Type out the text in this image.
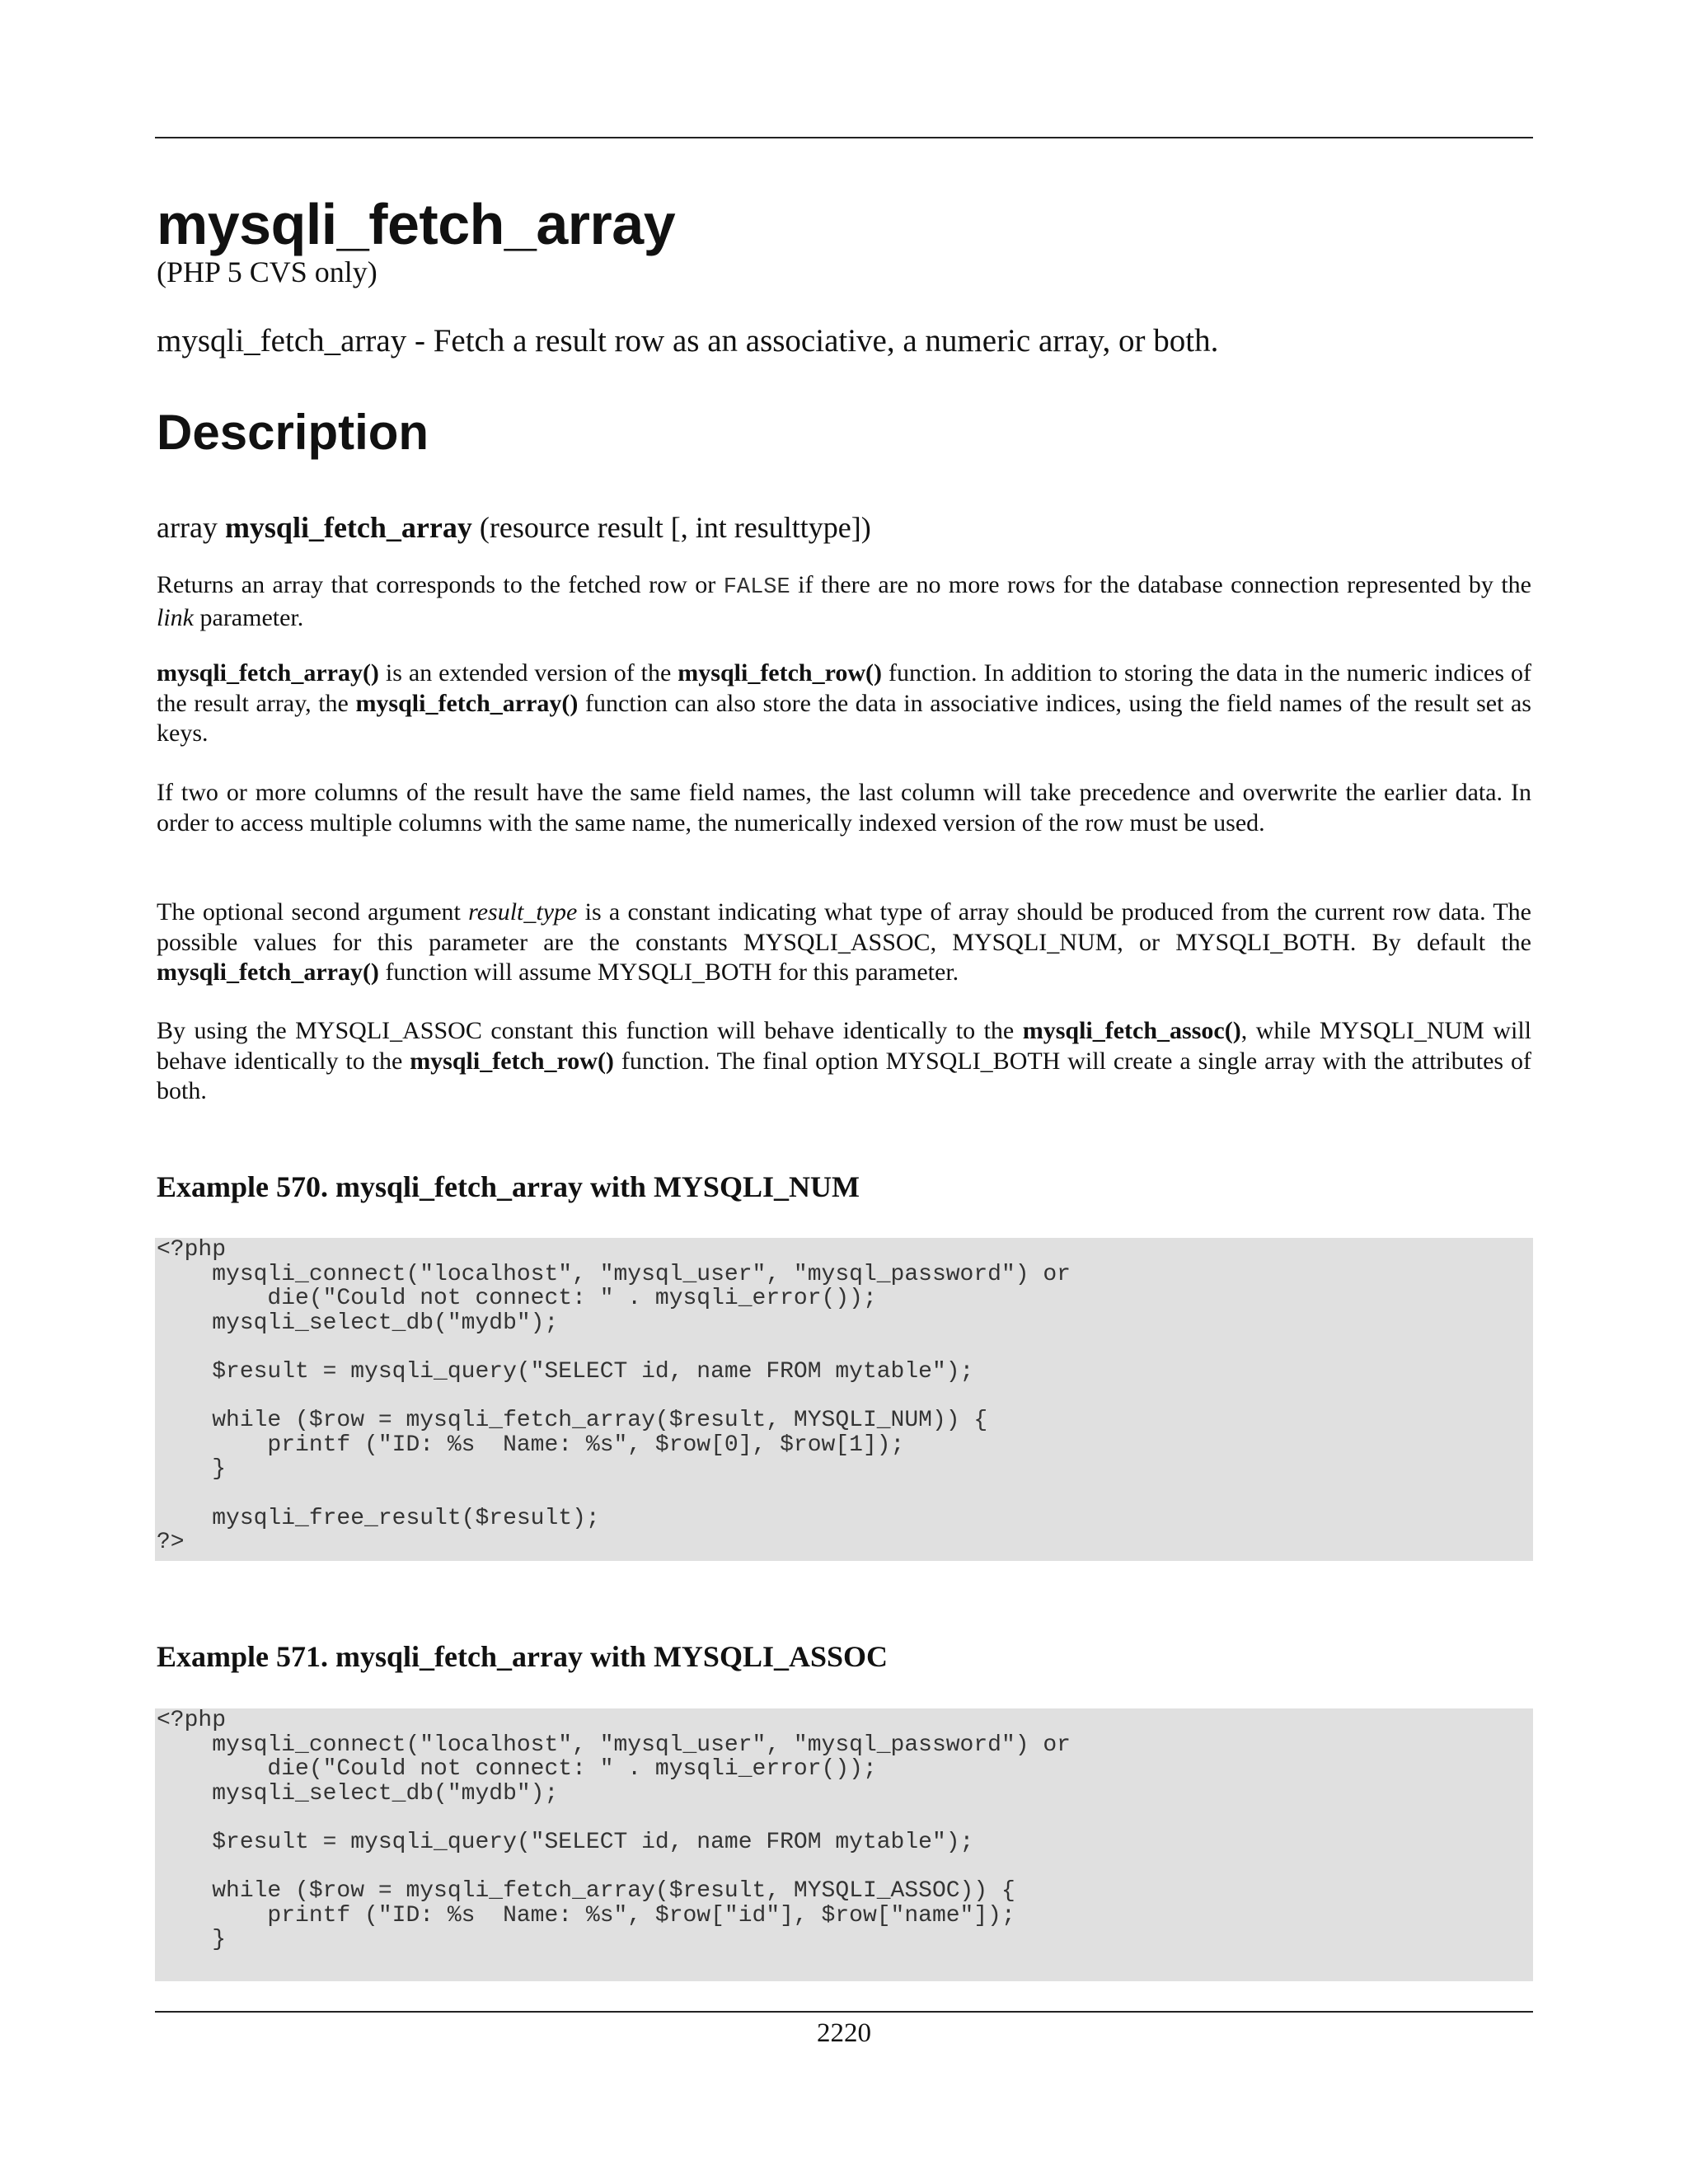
mysqli_fetch_array
(PHP 5 CVS only)
mysqli_fetch_array - Fetch a result row as an associative, a numeric array, or both.
Description
array mysqli_fetch_array (resource result [, int resulttype])

Returns an array that corresponds to the fetched row or FALSE if there are no more rows for the database connection represented by the link parameter.

mysqli_fetch_array() is an extended version of the mysqli_fetch_row() function. In addition to storing the data in the numeric indices of the result array, the mysqli_fetch_array() function can also store the data in associative indices, using the field names of the result set as keys.

If two or more columns of the result have the same field names, the last column will take precedence and overwrite the earlier data. In order to access multiple columns with the same name, the numerically indexed version of the row must be used.

The optional second argument result_type is a constant indicating what type of array should be produced from the current row data. The possible values for this parameter are the constants MYSQLI_ASSOC, MYSQLI_NUM, or MYSQLI_BOTH. By default the mysqli_fetch_array() function will assume MYSQLI_BOTH for this parameter.

By using the MYSQLI_ASSOC constant this function will behave identically to the mysqli_fetch_assoc(), while MYSQLI_NUM will behave identically to the mysqli_fetch_row() function. The final option MYSQLI_BOTH will create a single array with the attributes of both.

Example 570. mysqli_fetch_array with MYSQLI_NUM
<?php
mysqli_connect("localhost", "mysql_user", "mysql_password") or
die("Could not connect: " . mysqli_error());
mysqli_select_db("mydb");

$result = mysqli_query("SELECT id, name FROM mytable");

while ($row = mysqli_fetch_array($result, MYSQLI_NUM)) {
printf ("ID: %s  Name: %s", $row[0], $row[1]);
}

mysqli_free_result($result);
?>
Example 571. mysqli_fetch_array with MYSQLI_ASSOC
<?php
mysqli_connect("localhost", "mysql_user", "mysql_password") or
die("Could not connect: " . mysqli_error());
mysqli_select_db("mydb");

$result = mysqli_query("SELECT id, name FROM mytable");

while ($row = mysqli_fetch_array($result, MYSQLI_ASSOC)) {
printf ("ID: %s  Name: %s", $row["id"], $row["name"]);
}
2220
